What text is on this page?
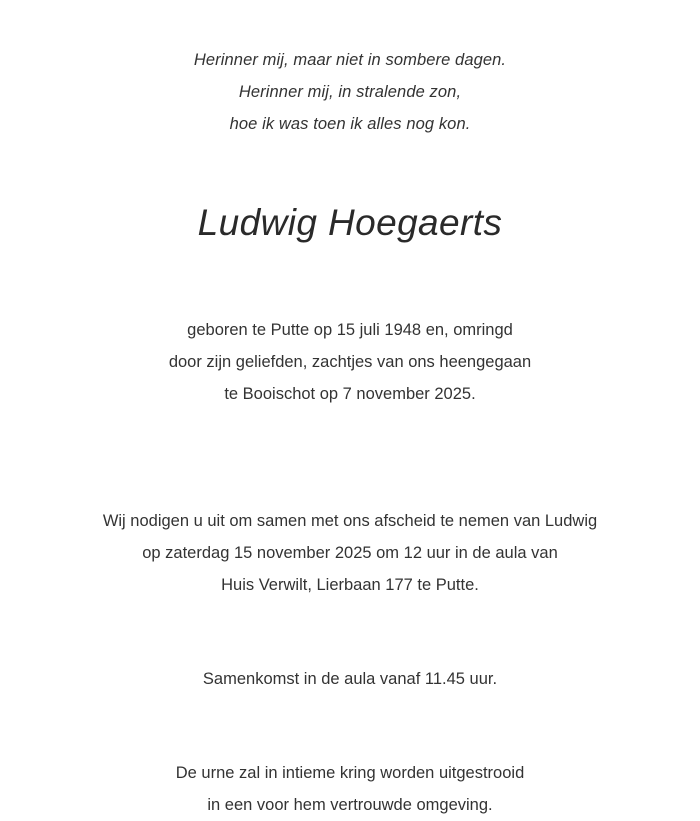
Herinner mij, maar niet in sombere dagen.
Herinner mij, in stralende zon,
hoe ik was toen ik alles nog kon.
Ludwig Hoegaerts
geboren te Putte op 15 juli 1948 en, omringd
door zijn geliefden, zachtjes van ons heengegaan
te Booischot op 7 november 2025.
Wij nodigen u uit om samen met ons afscheid te nemen van Ludwig
op zaterdag 15 november 2025 om 12 uur in de aula van
Huis Verwilt, Lierbaan 177 te Putte.
Samenkomst in de aula vanaf 11.45 uur.
De urne zal in intieme kring worden uitgestrooid
in een voor hem vertrouwde omgeving.
